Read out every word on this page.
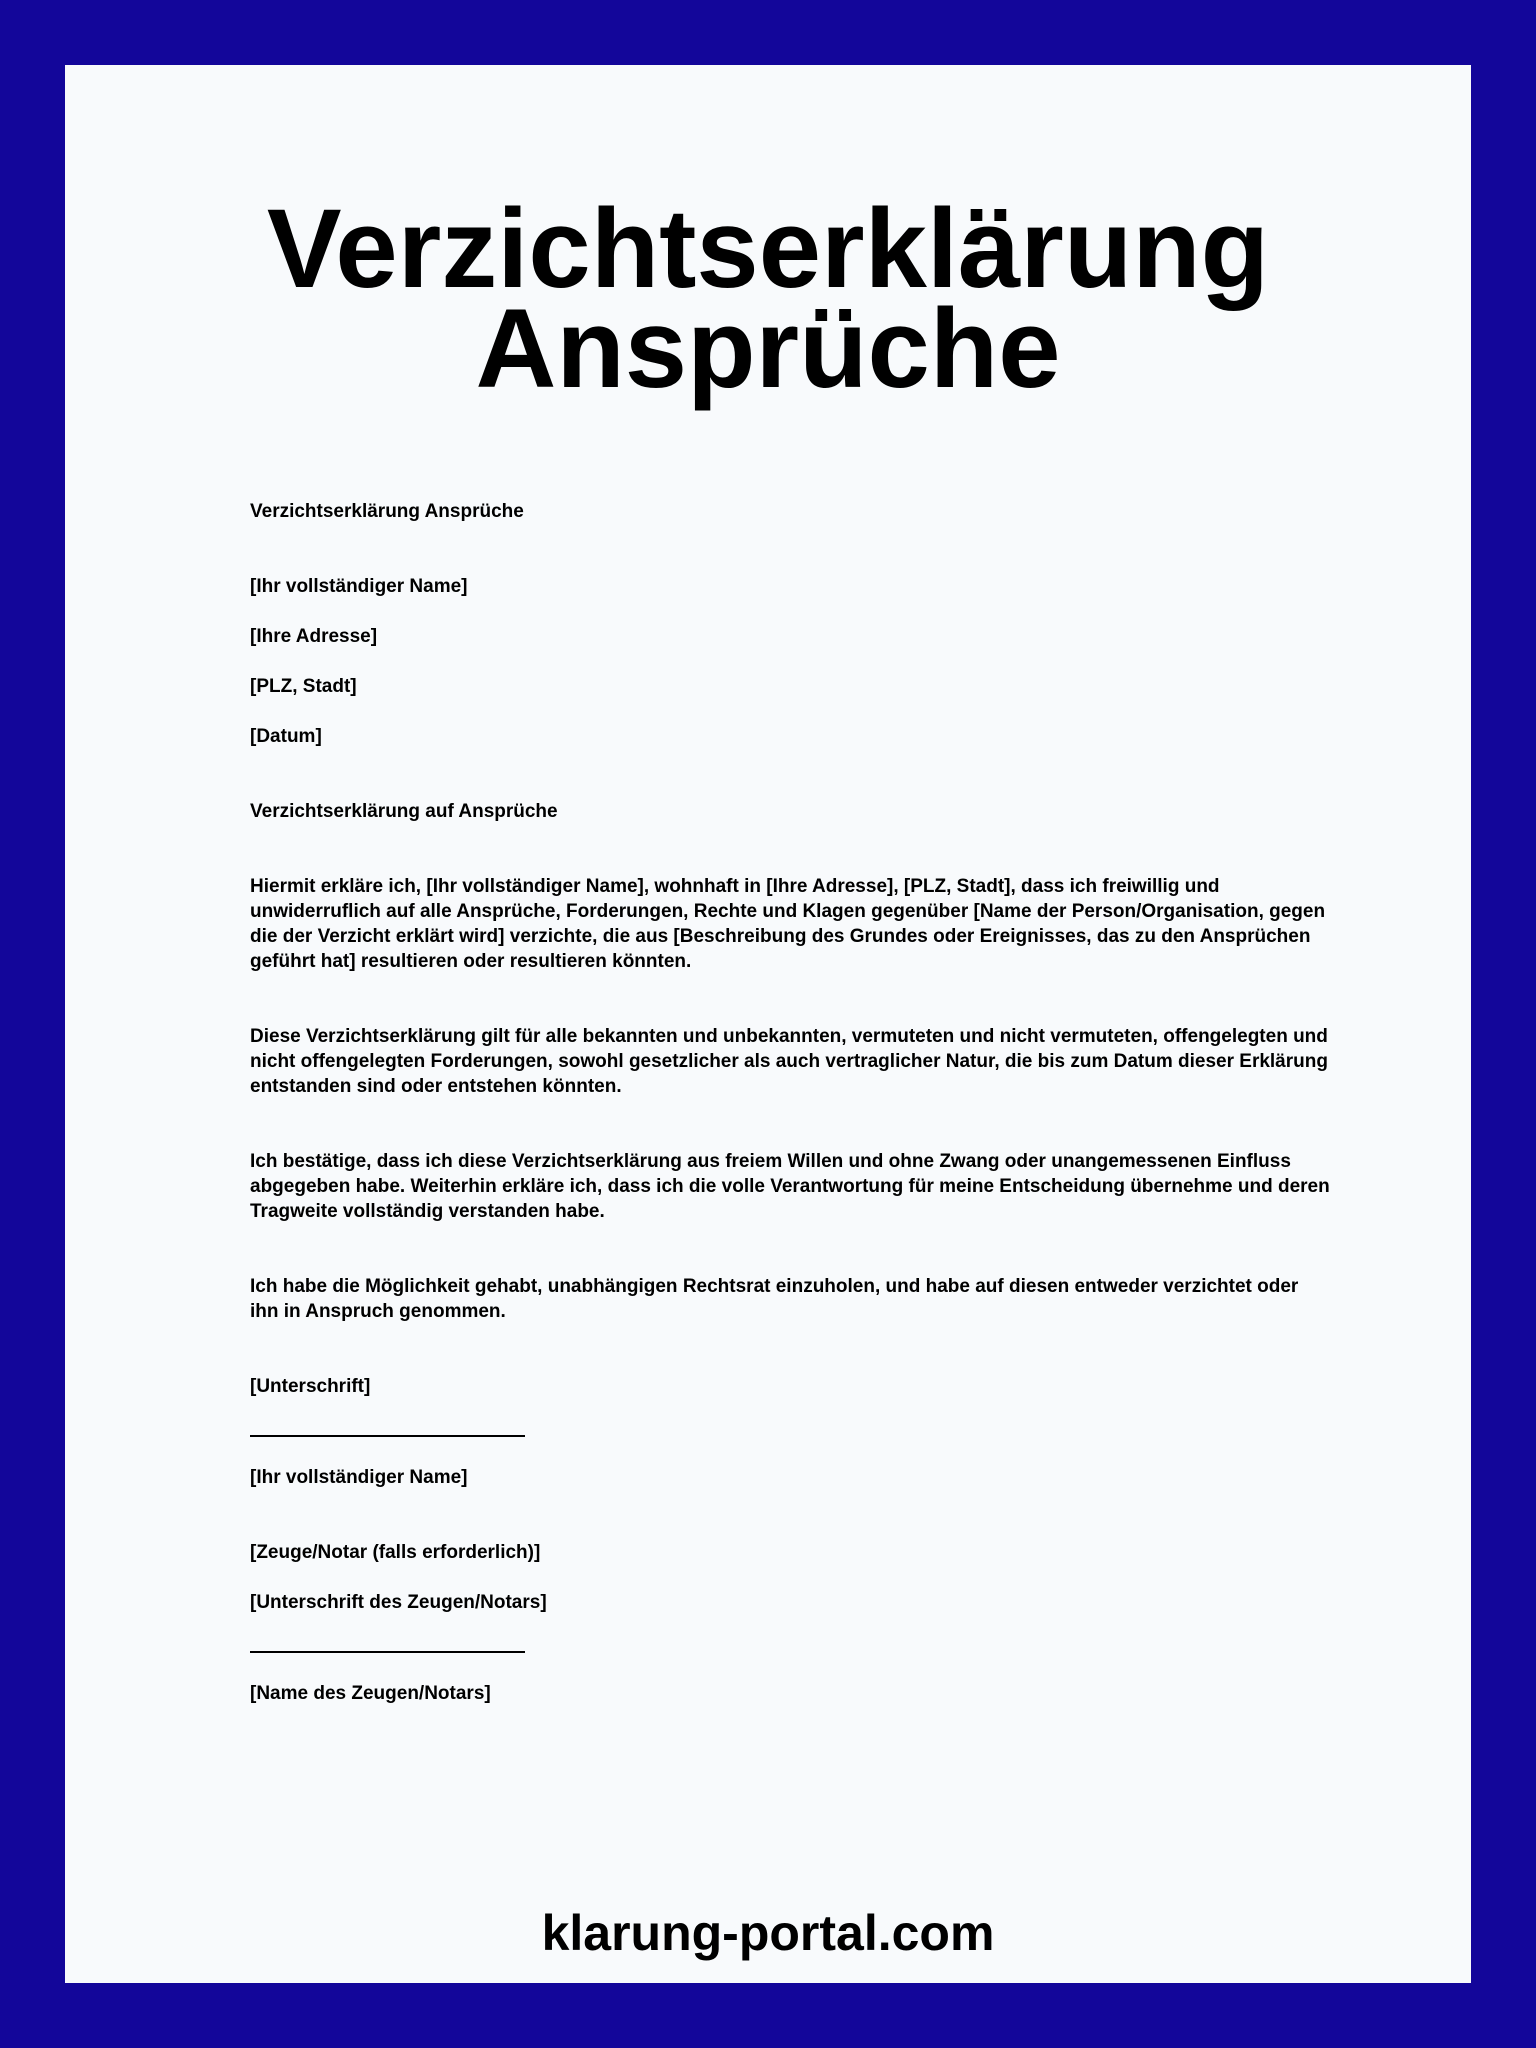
Verzichtserklärung
Ansprüche

Verzichtserklärung Ansprüche

[Ihr vollständiger Name]

[Ihre Adresse]

[PLZ, Stadt]

[Datum]

Verzichtserklärung auf Ansprüche

Hiermit erkläre ich, [Ihr vollständiger Name], wohnhaft in [Ihre Adresse], [PLZ, Stadt], dass ich freiwillig und unwiderruflich auf alle Ansprüche, Forderungen, Rechte und Klagen gegenüber [Name der Person/Organisation, gegen die der Verzicht erklärt wird] verzichte, die aus [Beschreibung des Grundes oder Ereignisses, das zu den Ansprüchen geführt hat] resultieren oder resultieren könnten.

Diese Verzichtserklärung gilt für alle bekannten und unbekannten, vermuteten und nicht vermuteten, offengelegten und nicht offengelegten Forderungen, sowohl gesetzlicher als auch vertraglicher Natur, die bis zum Datum dieser Erklärung entstanden sind oder entstehen könnten.

Ich bestätige, dass ich diese Verzichtserklärung aus freiem Willen und ohne Zwang oder unangemessenen Einfluss abgegeben habe. Weiterhin erkläre ich, dass ich die volle Verantwortung für meine Entscheidung übernehme und deren Tragweite vollständig verstanden habe.

Ich habe die Möglichkeit gehabt, unabhängigen Rechtsrat einzuholen, und habe auf diesen entweder verzichtet oder ihn in Anspruch genommen.

[Unterschrift]

[Ihr vollständiger Name]

[Zeuge/Notar (falls erforderlich)]

[Unterschrift des Zeugen/Notars]

[Name des Zeugen/Notars]

klarung-portal.com
